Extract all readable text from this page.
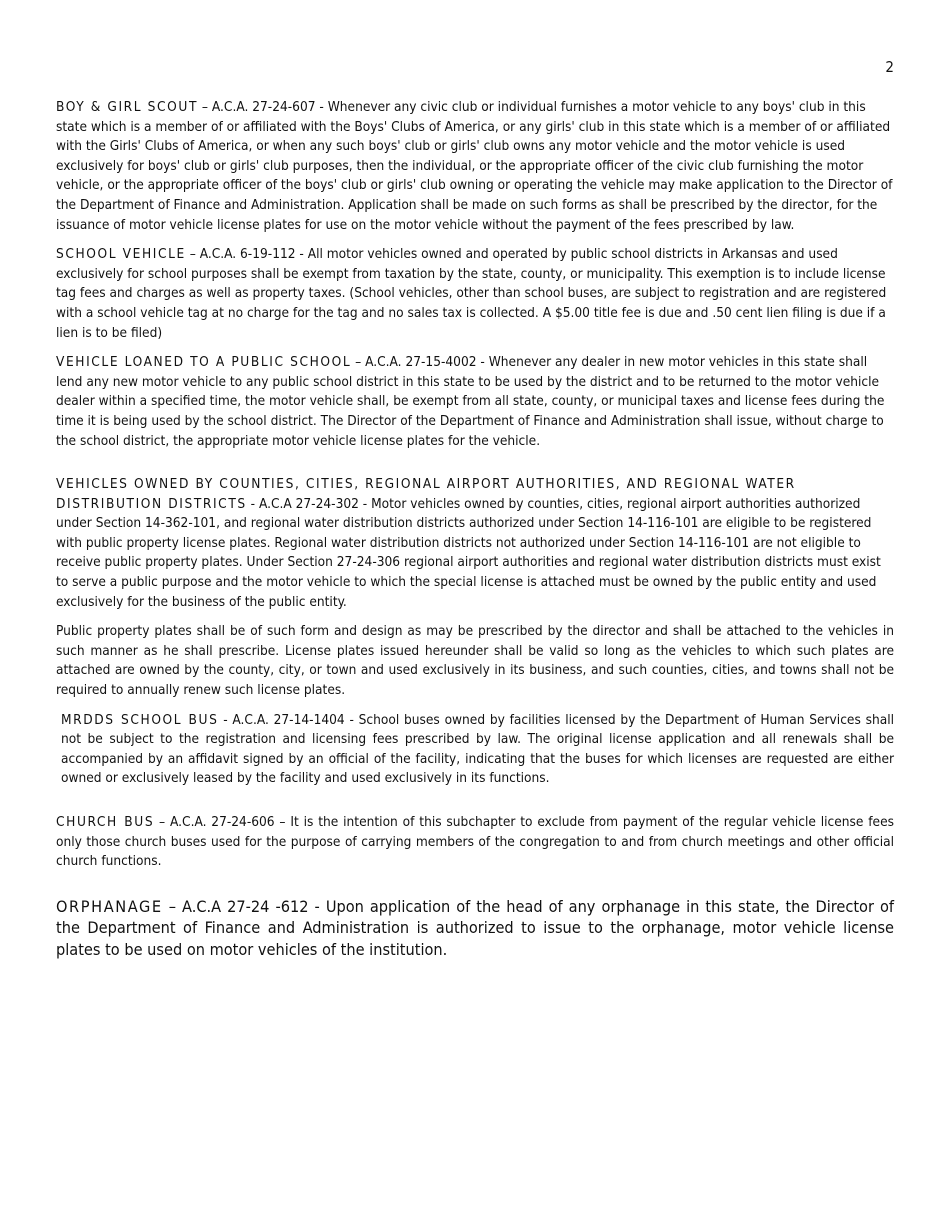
2

BOY & GIRL SCOUT – A.C.A. 27-24-607 - Whenever any civic club or individual furnishes a motor vehicle to any boys' club in this state which is a member of or affiliated with the Boys' Clubs of America, or any girls' club in this state which is a member of or affiliated with the Girls' Clubs of America, or when any such boys' club or girls' club owns any motor vehicle and the motor vehicle is used exclusively for boys' club or girls' club purposes, then the individual, or the appropriate officer of the civic club furnishing the motor vehicle, or the appropriate officer of the boys' club or girls' club owning or operating the vehicle may make application to the Director of the Department of Finance and Administration. Application shall be made on such forms as shall be prescribed by the director, for the issuance of motor vehicle license plates for use on the motor vehicle without the payment of the fees prescribed by law.

SCHOOL VEHICLE – A.C.A. 6-19-112 - All motor vehicles owned and operated by public school districts in Arkansas and used exclusively for school purposes shall be exempt from taxation by the state, county, or municipality. This exemption is to include license tag fees and charges as well as property taxes. (School vehicles, other than school buses, are subject to registration and are registered with a school vehicle tag at no charge for the tag and no sales tax is collected. A $5.00 title fee is due and .50 cent lien filing is due if a lien is to be filed)

VEHICLE LOANED TO A PUBLIC SCHOOL – A.C.A. 27-15-4002 - Whenever any dealer in new motor vehicles in this state shall lend any new motor vehicle to any public school district in this state to be used by the district and to be returned to the motor vehicle dealer within a specified time, the motor vehicle shall, be exempt from all state, county, or municipal taxes and license fees during the time it is being used by the school district. The Director of the Department of Finance and Administration shall issue, without charge to the school district, the appropriate motor vehicle license plates for the vehicle.

VEHICLES OWNED BY COUNTIES, CITIES, REGIONAL AIRPORT AUTHORITIES, AND REGIONAL WATER DISTRIBUTION DISTRICTS - A.C.A 27-24-302 - Motor vehicles owned by counties, cities, regional airport authorities authorized under Section 14-362-101, and regional water distribution districts authorized under Section 14-116-101 are eligible to be registered with public property license plates. Regional water distribution districts not authorized under Section 14-116-101 are not eligible to receive public property plates. Under Section 27-24-306 regional airport authorities and regional water distribution districts must exist to serve a public purpose and the motor vehicle to which the special license is attached must be owned by the public entity and used exclusively for the business of the public entity.

Public property plates shall be of such form and design as may be prescribed by the director and shall be attached to the vehicles in such manner as he shall prescribe. License plates issued hereunder shall be valid so long as the vehicles to which such plates are attached are owned by the county, city, or town and used exclusively in its business, and such counties, cities, and towns shall not be required to annually renew such license plates.

MRDDS SCHOOL BUS - A.C.A. 27-14-1404 - School buses owned by facilities licensed by the Department of Human Services shall not be subject to the registration and licensing fees prescribed by law. The original license application and all renewals shall be accompanied by an affidavit signed by an official of the facility, indicating that the buses for which licenses are requested are either owned or exclusively leased by the facility and used exclusively in its functions.

CHURCH BUS – A.C.A. 27-24-606 – It is the intention of this subchapter to exclude from payment of the regular vehicle license fees only those church buses used for the purpose of carrying members of the congregation to and from church meetings and other official church functions.

ORPHANAGE – A.C.A 27-24 -612 - Upon application of the head of any orphanage in this state, the Director of the Department of Finance and Administration is authorized to issue to the orphanage, motor vehicle license plates to be used on motor vehicles of the institution.
